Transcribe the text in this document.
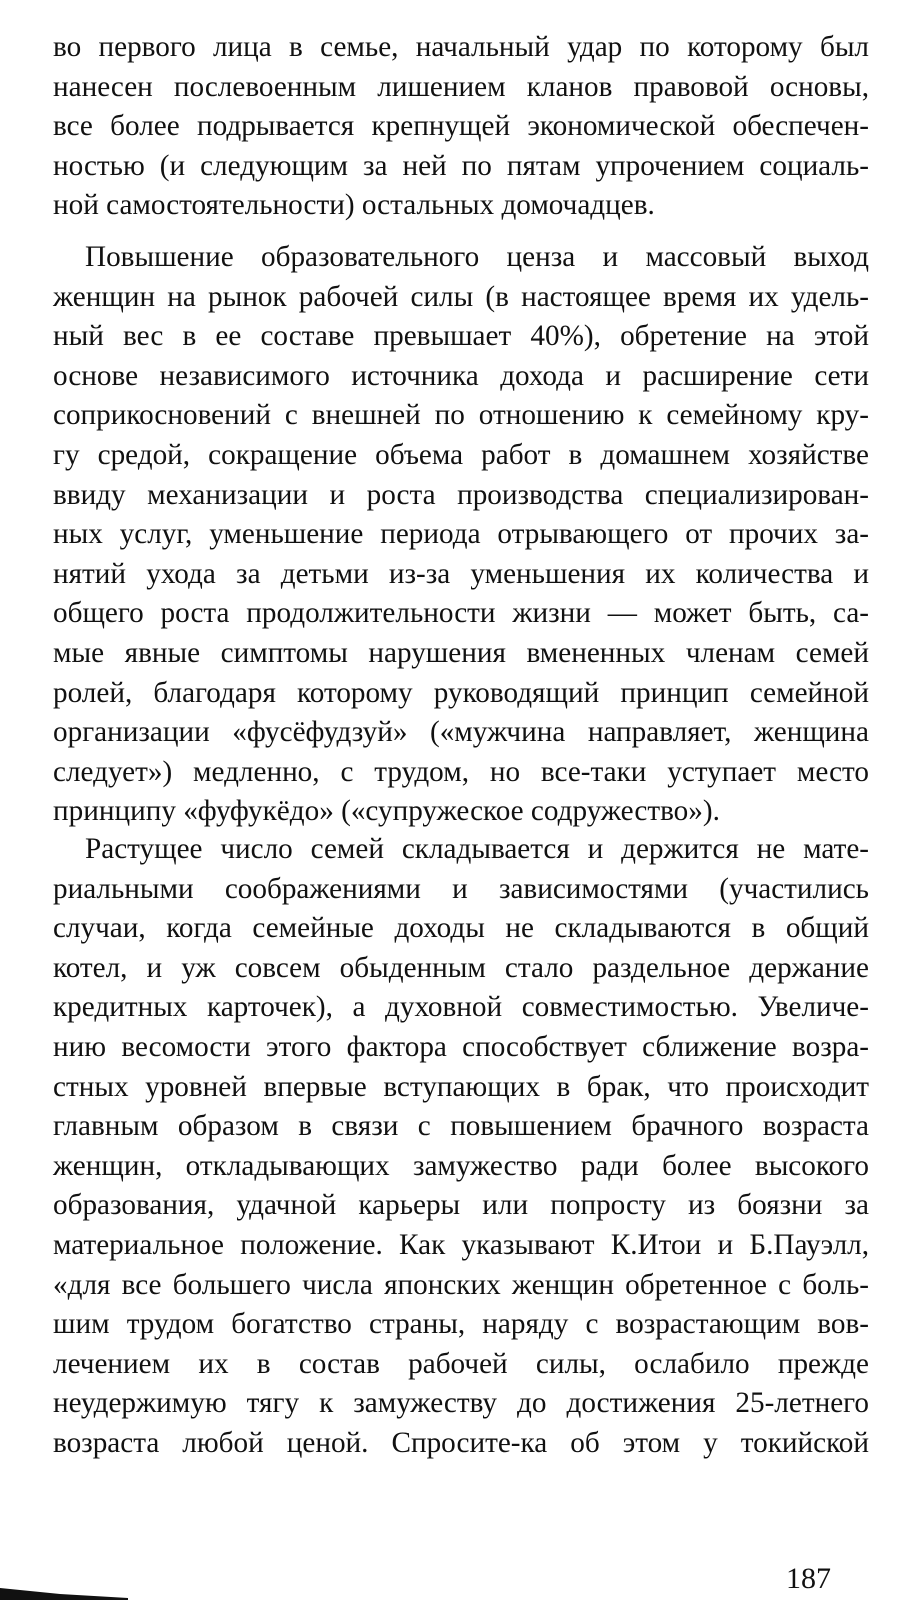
во первого лица в семье, начальный удар по которому был
нанесен послевоенным лишением кланов правовой основы,
все более подрывается крепнущей экономической обеспечен-
ностью (и следующим за ней по пятам упрочением социаль-
ной самостоятельности) остальных домочадцев.
Повышение образовательного ценза и массовый выход
женщин на рынок рабочей силы (в настоящее время их удель-
ный вес в ее составе превышает 40%), обретение на этой
основе независимого источника дохода и расширение сети
соприкосновений с внешней по отношению к семейному кру-
гу средой, сокращение объема работ в домашнем хозяйстве
ввиду механизации и роста производства специализирован-
ных услуг, уменьшение периода отрывающего от прочих за-
нятий ухода за детьми из-за уменьшения их количества и
общего роста продолжительности жизни — может быть, са-
мые явные симптомы нарушения вмененных членам семей
ролей, благодаря которому руководящий принцип семейной
организации «фусёфудзуй» («мужчина направляет, женщина
следует») медленно, с трудом, но все-таки уступает место
принципу «фуфукёдо» («супружеское содружество»).
Растущее число семей складывается и держится не мате-
риальными соображениями и зависимостями (участились
случаи, когда семейные доходы не складываются в общий
котел, и уж совсем обыденным стало раздельное держание
кредитных карточек), а духовной совместимостью. Увеличе-
нию весомости этого фактора способствует сближение возра-
стных уровней впервые вступающих в брак, что происходит
главным образом в связи с повышением брачного возраста
женщин, откладывающих замужество ради более высокого
образования, удачной карьеры или попросту из боязни за
материальное положение. Как указывают К.Итои и Б.Пауэлл,
«для все большего числа японских женщин обретенное с боль-
шим трудом богатство страны, наряду с возрастающим вов-
лечением их в состав рабочей силы, ослабило прежде
неудержимую тягу к замужеству до достижения 25-летнего
возраста любой ценой. Спросите-ка об этом у токийской
187
